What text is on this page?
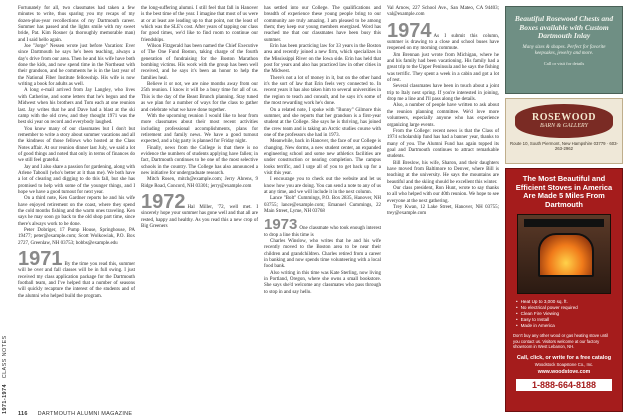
1971-1974   CLASS NOTES

Fortunately for all, two classmates had taken a few minutes to write, thus sparing you my recaps of my dozen-plus-year recollections of my Dartmouth career. Summer has passed and the lights smile with my sweet bride, Pat. Kim Rosner (a thoroughly memorable man) and I said hello again.

Joe "Jorge" Nessen wrote just before Vacation: Ever since Dartmouth he says he's been teaching, always a day's drive from our area. Then he and his wife have both done the kids, and now spend time in the Northeast with their grandson, and he comments he is in the last year of the National Fiber Institute fellowship. His wife is now writing a book for adults as well.

A long e-mail arrived from Jay Langley, who lives with Catherine, and some letters that he's begun and the Midwest when his brothers and Tom each at one reunion last. Jay writes that he and Dave had a blast at the ski camp with the old crew, and they thought 1971 was the best ski year on record and everybody laughed.

You know many of our classmates but I don't but remember to write a story about summer vacations and all the kindness of those fellows who hosted at the Class Notes affair. At our reunion dinner last July, we said a lot of good things and noted that only in terms of finances do we still feel grateful.

Jay and I also share a passion for gardening, along with Arlene Taboull (who's better at it than me). We both have a lot of clearing and digging to do this fall, but she has promised to help with some of the younger things, and I hope we have a good turnout for next year.

On a third note, Ken Gardner reports he and his wife have enjoyed retirement on the coast, where they spend the cold months fishing and the warm ones traveling. Ken says he may soon go back to the old shop part time, since there's always work to be done.

Peter Dobriger, 17 Pump House, Springhouse, PA 19477; peter@example.com; Scott Wolkowiak, P.O. Box 2727, Greenlaw, NH 03753; bobbs@example.edu

1971 By the time you read this, summer will be over and fall classes will be in full swing. I just received my class application package for the Dartmouth football team, and I've helped that a number of seasons will quickly recapture the interest of the students and of the alumni who helped build the program.

the long-suffering alumni. I still feel that fall in Hanover is the best time of the year. I imagine that most of us were at or at least are leading up to that point, not the least of which was the SLE's cost. After years of tapping our class for good times, we'd like to find room to continue our friendships.

Wilson Fitzgerald has been named the Chief Executive of The One Fund Boston, taking charge of the fourth generation of fundraising for the Boston Marathon bombing victims. His work with the group has been well received, and he says it's been an honor to help the families heal.

Believe it or not, we are nine months away from our 25th reunion. I know it will be a busy time for all of us. This is the day of the Beast Brunch planning. Stay tuned as we plan for a number of ways for the class to gather and celebrate what we have done together.

With the upcoming reunion I would like to hear from more classmates about their most recent activities including professional accomplishments, plans for retirement and family news. We have a good turnout expected, and a big party is planned for Friday night.

Finally, news from the College is that there is no evidence the numbers of students applying have fallen; in fact, Dartmouth continues to be one of the most selective schools in the country. The College has also announced a new initiative for undergraduate research.

Mitch Rosen, mitch@example.com; Jerry Ahrens, 9 Ridge Road, Concord, NH 03301; jerry@example.com

1972 Hal Miller, '72, well met. I sincerely hope your summer has gone well and that all are rested, happy and healthy. As you read this a new crop of Big Greeners

has settled into our College. The qualifications and breadth of experience these young people bring to our community are truly amazing. I am pleased to be among them; they keep our young members energized. Word has reached me that our classmates have been busy this summer.

Erin has been practicing law for 33 years in the Boston area and recently joined a new firm, which specializes in the Mississippi River on the Iowa side. Erin has held that post for years and also has practiced law in other cities in the Midwest.

There's not a lot of money in it, but on the other hand it's the sort of law that Erin feels very connected to. In recent years it has also taken him to several universities in the region to teach and consult, and he says it's some of the most rewarding work he's done.

On a related note, I spoke with "Bunny" Gilmore this summer, and she reports that her grandson is a first-year student at the College. She says he is thriving, has joined the crew team and is taking an Arctic studies course with one of the professors she had in 1973.

Meanwhile, back in Hanover, the face of our College is changing. New dorms, a new student center, an expanded engineering school and some new athletics facilities are under construction or nearing completion. The campus looks terrific, and I urge all of you to get back up for a visit this year.

I encourage you to check out the website and let us know how you are doing. You can send a note to any of us at any time, and we will include it in the next column.

Lance "Bolt" Cummings, P.O. Box 2835, Hanover, NH 03755; lance@example.com; Emanuel Cummings, 22 Main Street, Lyme, NH 03768

1973 One classmate who took enough interest to drop a line this time is

Charles Winslow, who writes that he and his wife recently moved to the Boston area to be near their children and grandchildren. Charles retired from a career in banking and now spends time volunteering with a local food bank.

Also writing in this time was Kate Sterling, now living in Portland, Oregon, where she owns a small bookstore. She says she'd welcome any classmates who pass through to stop in and say hello.

Val Arnow, 227 School Ave., San Mateo, CA 94403; val@example.com

1974 As I submit this column, summer is drawing to a close and school buses have reopened on my morning commute.

Jim Brennan just wrote from Michigan, where he and his family had been vacationing. His family had a great trip to the Upper Peninsula and he says the fishing was terrific. They spent a week in a cabin and got a lot of rest.

Several classmates have been in touch about a joint trip to Italy next spring. If you're interested in joining, drop me a line and I'll pass along the details.

Also, a number of people have written to ask about the reunion planning committee. We'd love more volunteers, especially anyone who has experience organizing large events.

From the College: recent news is that the Class of 1974 scholarship fund has had a banner year, thanks to many of you. The Alumni Fund has again topped its goal and Dartmouth continues to attract remarkable students.

Bill Breslow, his wife, Sharon, and their daughters have moved from Baltimore to Denver, where Bill is teaching at the university. He says the mountains are beautiful and the skiing should be excellent this winter.

Our class president, Ron Hunt, wrote to say thanks to all who helped with our 40th reunion. We hope to see everyone at the next gathering.

Trey Kwan, 12 Lake Street, Hanover, NH 03755; trey@example.com

Beautiful Rosewood Chests and Boxes available with Custom Dartmouth Inlay
Many sizes & shapes. Perfect for favorite keepsakes, jewelry and more.
Call or visit for details
ROSEWOOD
BARN & GALLERY
Route 10, South Piermont, New Hampshire 03779 · 603-263-2962
The Most Beautiful and Efficient Stoves in America Are Made 5 Miles From Dartmouth
• Heat Up to 3,000 sq. ft.
• No electrical power required
• Clean Fire Viewing
• Easy to Install
• Made in America
Don't buy any other wood or gas heating stove until you contact us. Visitors welcome at our factory showroom in West Lebanon, NH.
Call, click, or write for a free catalog
Woodstock Soapstone Co., Inc.
www.woodstove.com
1-888-664-8188
116 DARTMOUTH ALUMNI MAGAZINE
